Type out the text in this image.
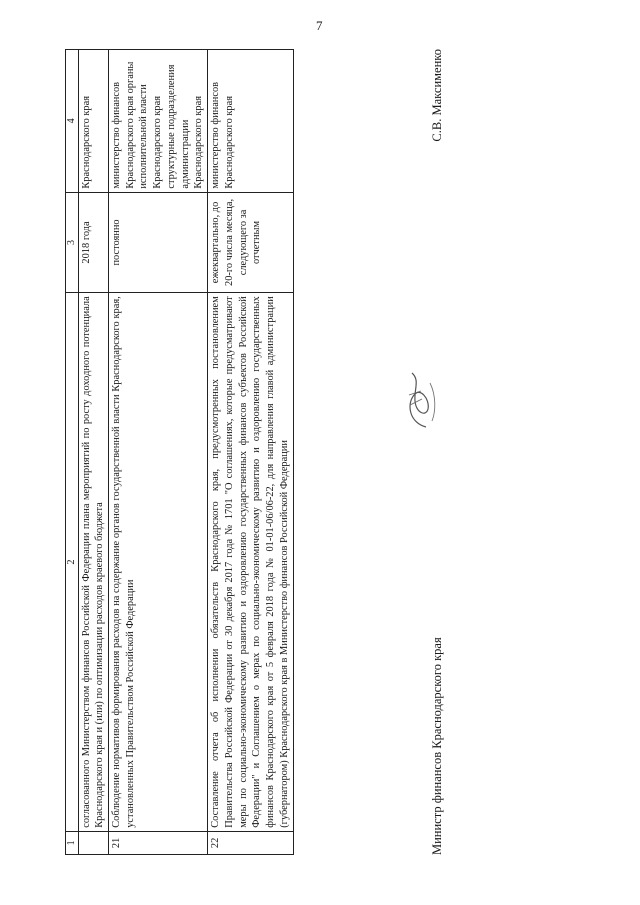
7
1	2	3	4
	согласованного Министерством финансов Российской Федерации плана мероприятий по росту доходного потенциала Краснодарского края и (или) по оптимизации расходов краевого бюджета	2018 года	Краснодарского края
21	Соблюдение нормативов формирования расходов на содержание органов государственной власти Краснодарского края, установленных Правительством Российской Федерации	постоянно	министерство финансов Краснодарского края органы исполнительной власти Краснодарского края структурные подразделения администрации Краснодарского края
22	Составление отчета об исполнении обязательств Краснодарского края, предусмотренных постановлением Правительства Российской Федерации от 30 декабря 2017 года № 1701 "О соглашениях, которые предусматривают меры по социально-экономическому развитию и оздоровлению государственных финансов субъектов Российской Федерации" и Соглашением о мерах по социально-экономическому развитию и оздоровлению государственных финансов Краснодарского края от 5 февраля 2018 года № 01-01-06/06-22, для направления главой администрации (губернатором) Краснодарского края в Министерство финансов Российской Федерации	ежеквартально, до 20-го числа месяца, следующего за отчетным	министерство финансов Краснодарского края
Министр финансов Краснодарского края
С.В. Максименко
